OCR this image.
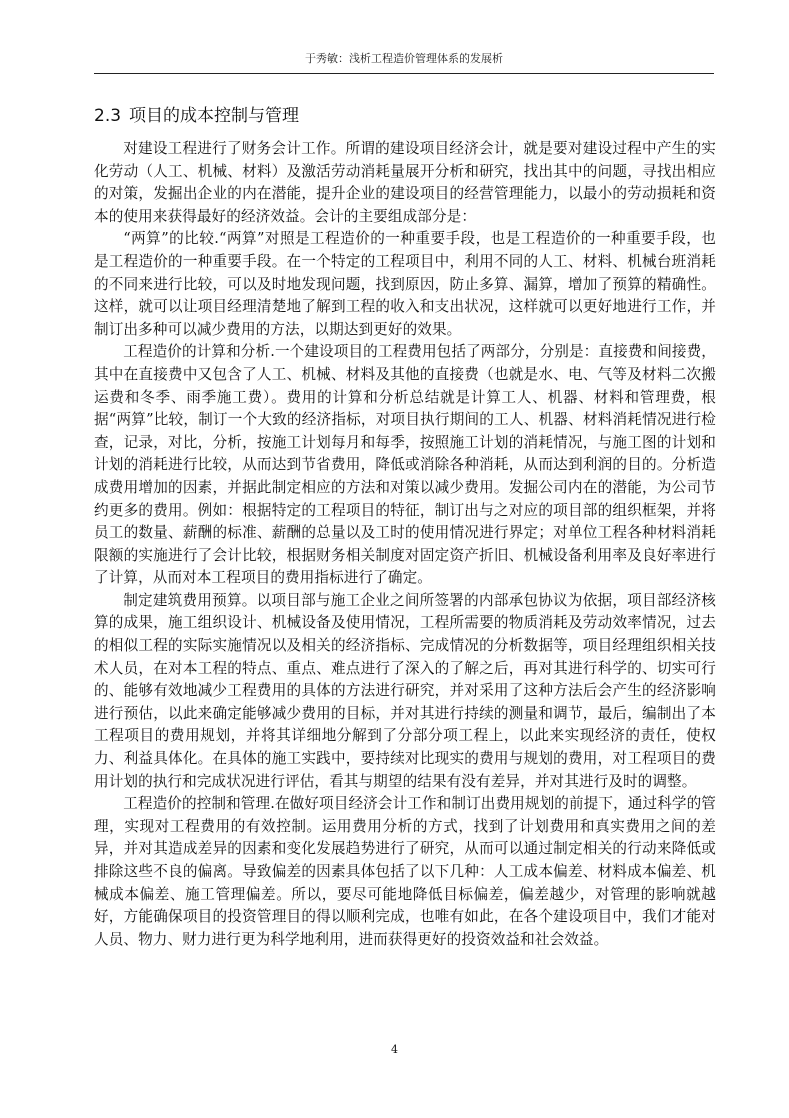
于秀敏：浅析工程造价管理体系的发展析
2.3 项目的成本控制与管理

对建设工程进行了财务会计工作。所谓的建设项目经济会计，就是要对建设过程中产生的实化劳动（人工、机械、材料）及激活劳动消耗量展开分析和研究，找出其中的问题，寻找出相应的对策，发掘出企业的内在潜能，提升企业的建设项目的经营管理能力，以最小的劳动损耗和资本的使用来获得最好的经济效益。会计的主要组成部分是：

“两算”的比较.“两算”对照是工程造价的一种重要手段，也是工程造价的一种重要手段，也是工程造价的一种重要手段。在一个特定的工程项目中，利用不同的人工、材料、机械台班消耗的不同来进行比较，可以及时地发现问题，找到原因，防止多算、漏算，增加了预算的精确性。这样，就可以让项目经理清楚地了解到工程的收入和支出状况，这样就可以更好地进行工作，并制订出多种可以减少费用的方法，以期达到更好的效果。

工程造价的计算和分析.一个建设项目的工程费用包括了两部分，分别是：直接费和间接费，其中在直接费中又包含了人工、机械、材料及其他的直接费（也就是水、电、气等及材料二次搬运费和冬季、雨季施工费）。费用的计算和分析总结就是计算工人、机器、材料和管理费，根据“两算”比较，制订一个大致的经济指标，对项目执行期间的工人、机器、材料消耗情况进行检查，记录，对比，分析，按施工计划每月和每季，按照施工计划的消耗情况，与施工图的计划和计划的消耗进行比较，从而达到节省费用，降低或消除各种消耗，从而达到利润的目的。分析造成费用增加的因素，并据此制定相应的方法和对策以减少费用。发掘公司内在的潜能，为公司节约更多的费用。例如：根据特定的工程项目的特征，制订出与之对应的项目部的组织框架，并将员工的数量、薪酬的标准、薪酬的总量以及工时的使用情况进行界定；对单位工程各种材料消耗限额的实施进行了会计比较，根据财务相关制度对固定资产折旧、机械设备利用率及良好率进行了计算，从而对本工程项目的费用指标进行了确定。

制定建筑费用预算。以项目部与施工企业之间所签署的内部承包协议为依据，项目部经济核算的成果，施工组织设计、机械设备及使用情况，工程所需要的物质消耗及劳动效率情况，过去的相似工程的实际实施情况以及相关的经济指标、完成情况的分析数据等，项目经理组织相关技术人员，在对本工程的特点、重点、难点进行了深入的了解之后，再对其进行科学的、切实可行的、能够有效地减少工程费用的具体的方法进行研究，并对采用了这种方法后会产生的经济影响进行预估，以此来确定能够减少费用的目标，并对其进行持续的测量和调节，最后，编制出了本工程项目的费用规划，并将其详细地分解到了分部分项工程上，以此来实现经济的责任，使权力、利益具体化。在具体的施工实践中，要持续对比现实的费用与规划的费用，对工程项目的费用计划的执行和完成状况进行评估，看其与期望的结果有没有差异，并对其进行及时的调整。

工程造价的控制和管理.在做好项目经济会计工作和制订出费用规划的前提下，通过科学的管理，实现对工程费用的有效控制。运用费用分析的方式，找到了计划费用和真实费用之间的差异，并对其造成差异的因素和变化发展趋势进行了研究，从而可以通过制定相关的行动来降低或排除这些不良的偏离。导致偏差的因素具体包括了以下几种：人工成本偏差、材料成本偏差、机械成本偏差、施工管理偏差。所以，要尽可能地降低目标偏差，偏差越少，对管理的影响就越好，方能确保项目的投资管理目的得以顺利完成，也唯有如此，在各个建设项目中，我们才能对人员、物力、财力进行更为科学地利用，进而获得更好的投资效益和社会效益。

4
